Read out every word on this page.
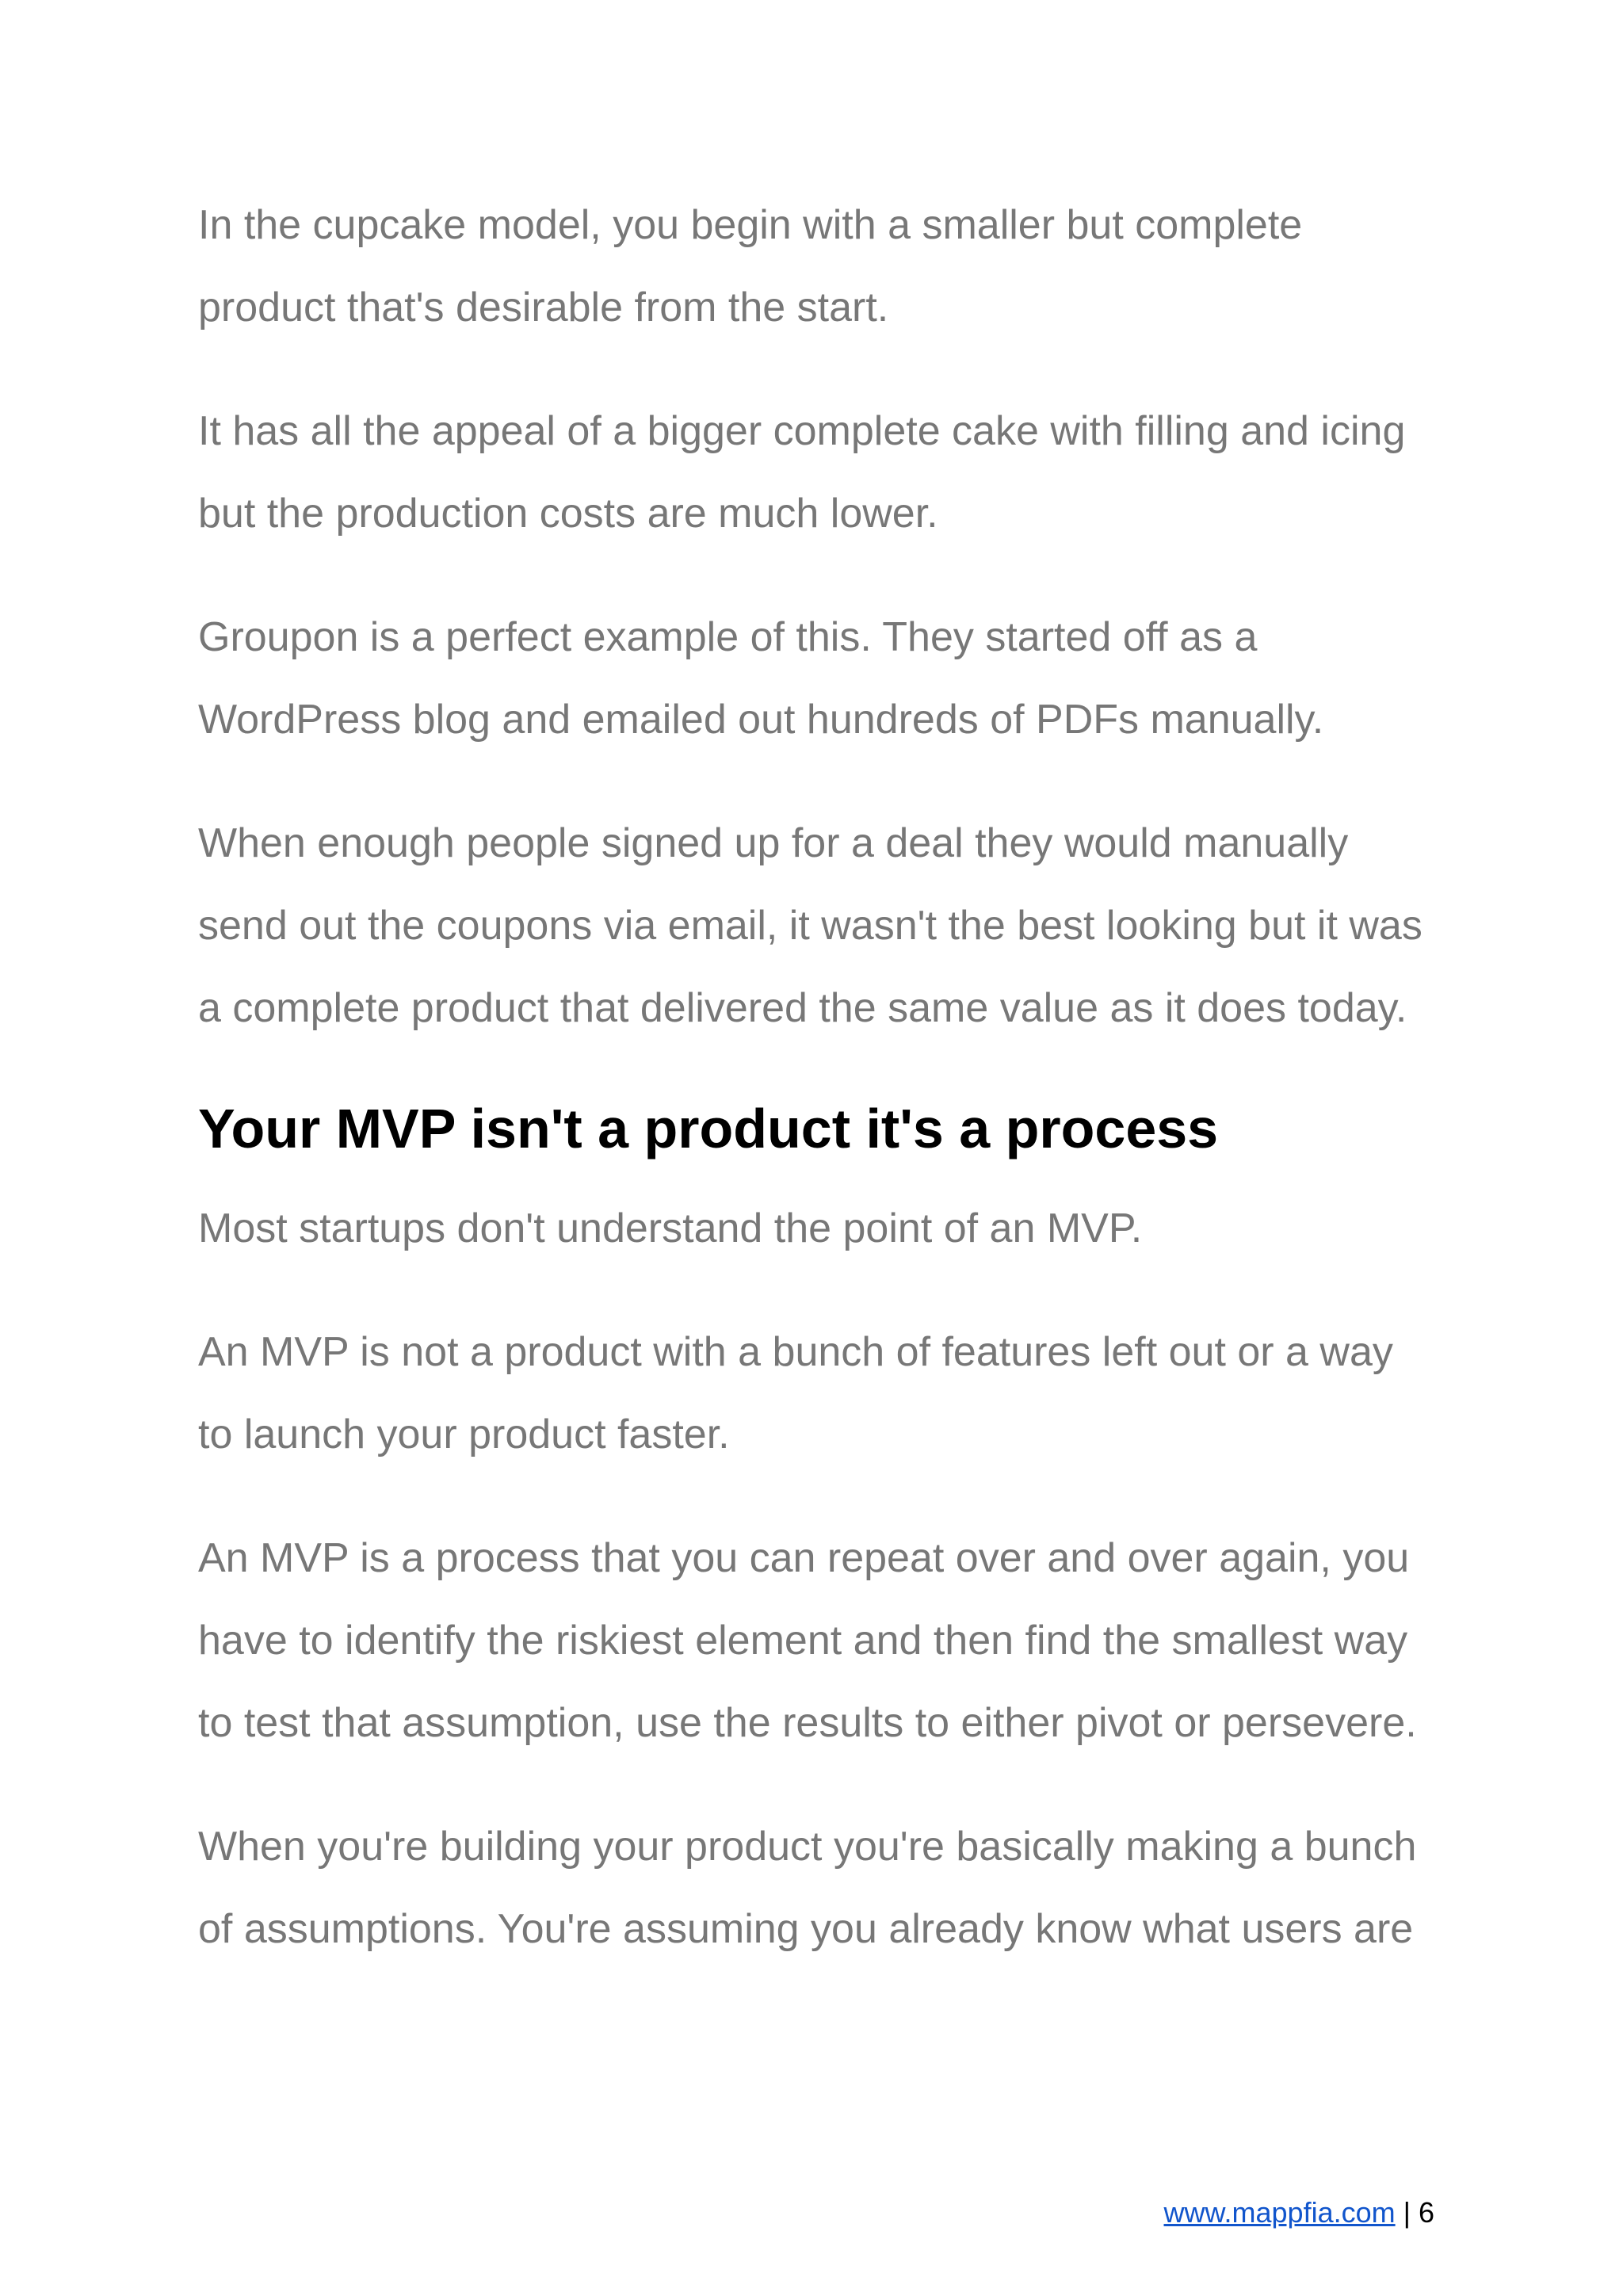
In the cupcake model, you begin with a smaller but complete product that's desirable from the start.

It has all the appeal of a bigger complete cake with filling and icing but the production costs are much lower.

Groupon is a perfect example of this. They started off as a WordPress blog and emailed out hundreds of PDFs manually.

When enough people signed up for a deal they would manually send out the coupons via email, it wasn't the best looking but it was a complete product that delivered the same value as it does today.

Your MVP isn't a product it's a process

Most startups don't understand the point of an MVP.

An MVP is not a product with a bunch of features left out or a way to launch your product faster.

An MVP is a process that you can repeat over and over again, you have to identify the riskiest element and then find the smallest way to test that assumption, use the results to either pivot or persevere.

When you're building your product you're basically making a bunch of assumptions. You're assuming you already know what users are

www.mappfia.com | 6
